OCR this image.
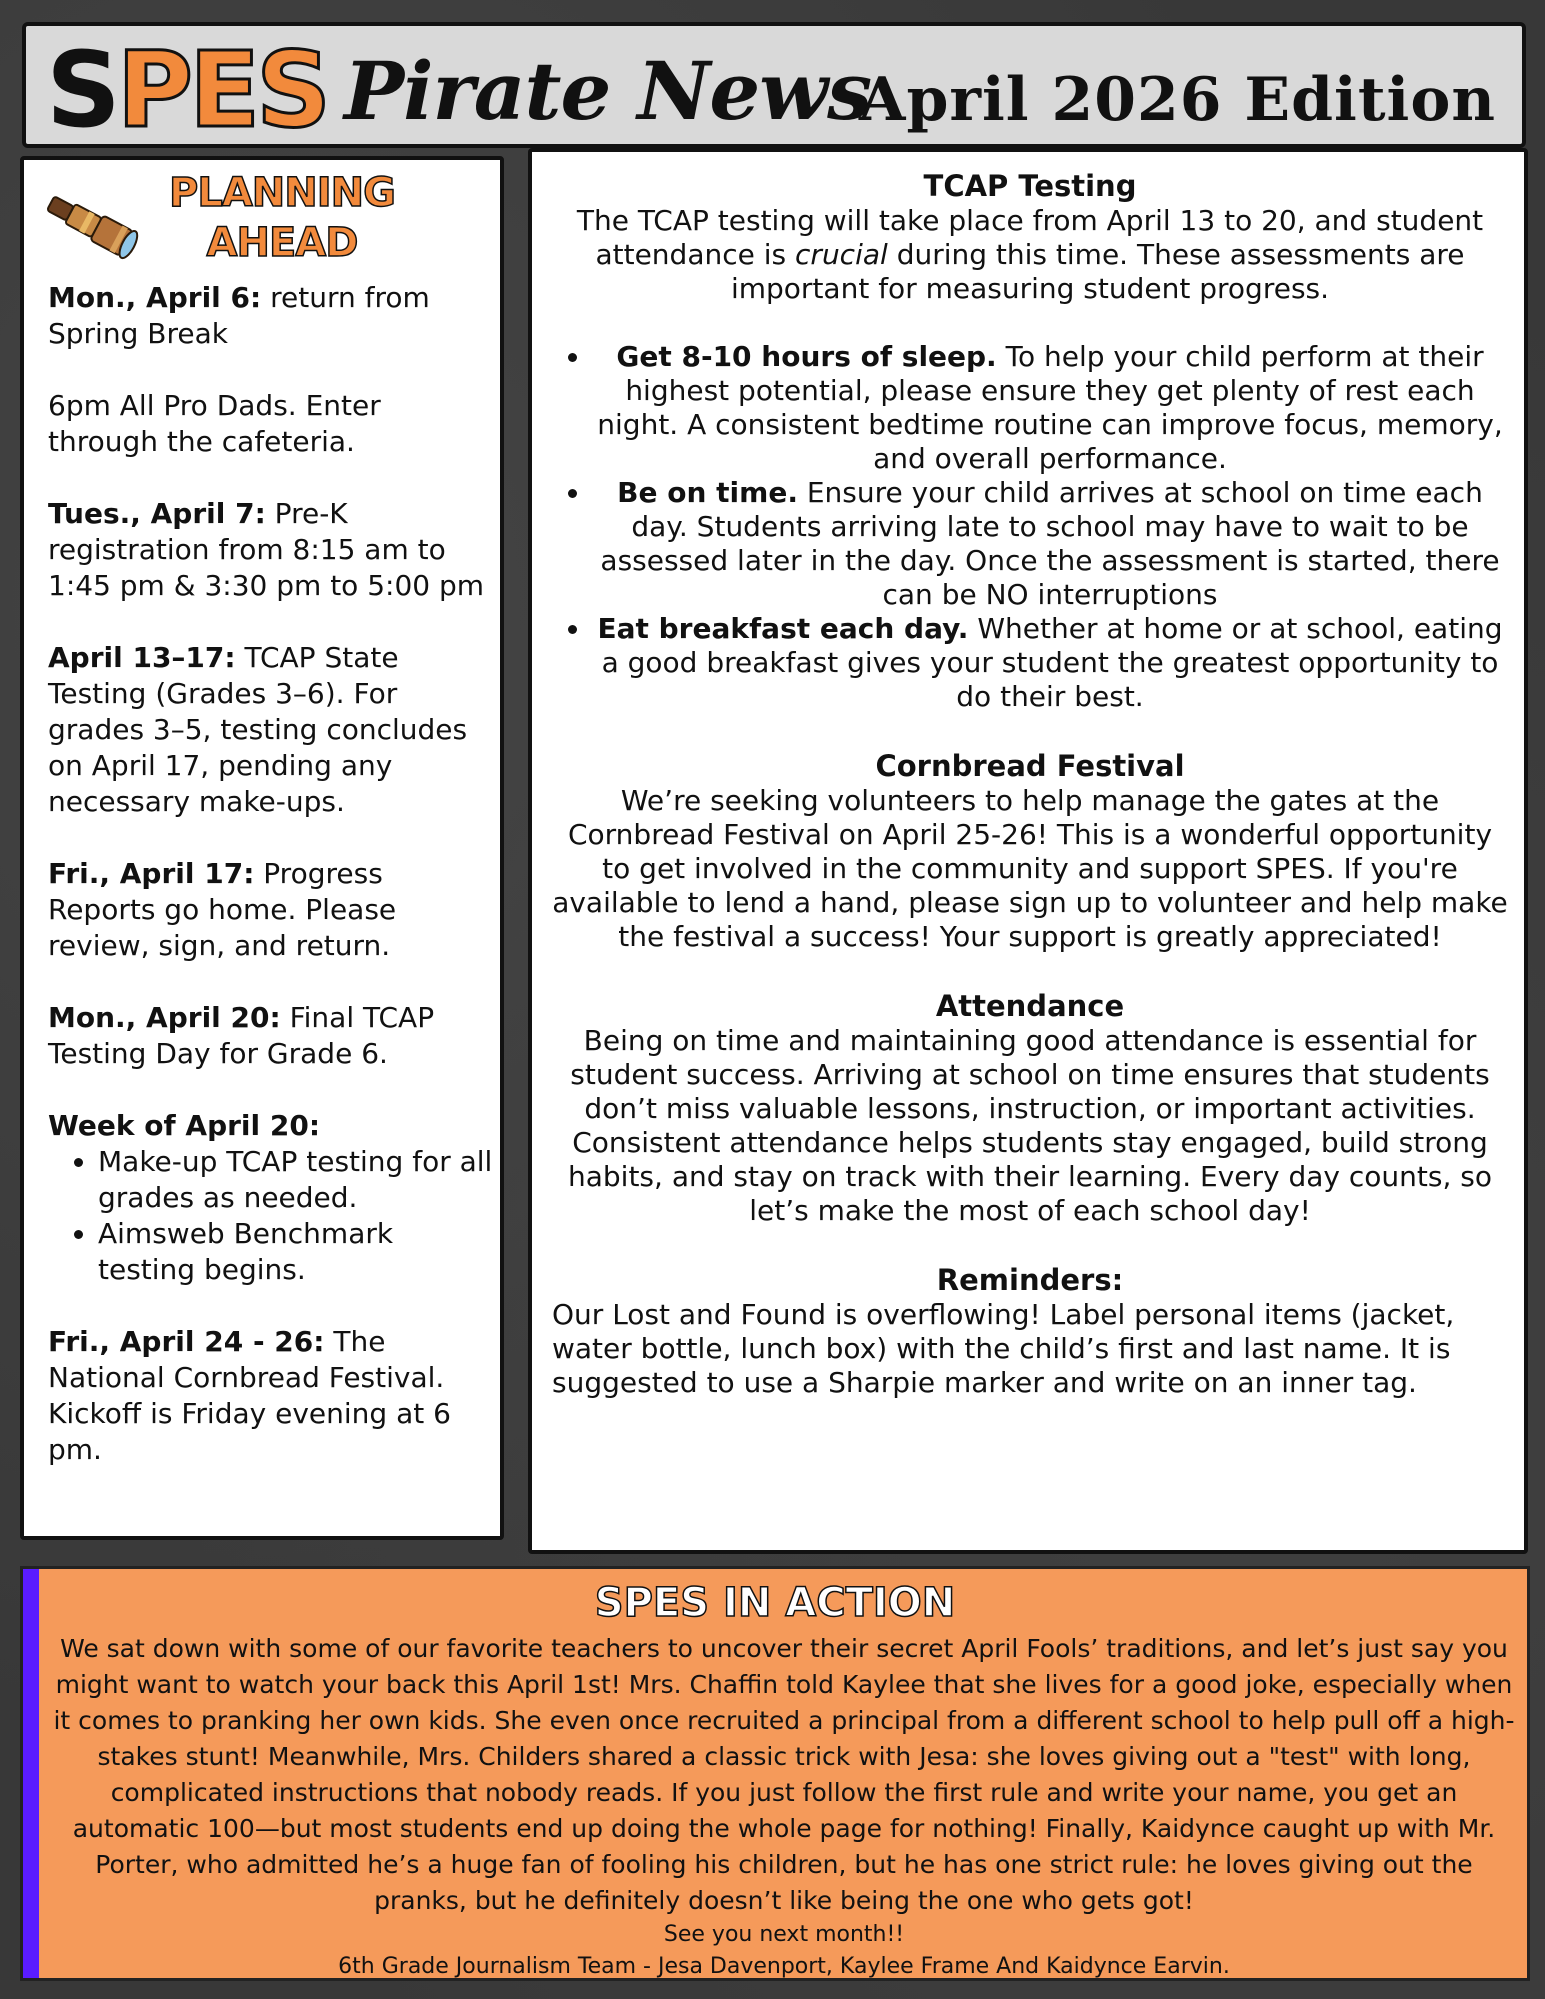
SPES Pirate News
April 2026 Edition
PLANNING
AHEAD
Mon., April 6: return from Spring Break
6pm All Pro Dads. Enter through the cafeteria.
Tues., April 7: Pre-K registration from 8:15 am to 1:45 pm & 3:30 pm to 5:00 pm
April 13–17: TCAP State Testing (Grades 3–6). For grades 3–5, testing concludes on April 17, pending any necessary make-ups.
Fri., April 17: Progress Reports go home. Please review, sign, and return.
Mon., April 20: Final TCAP Testing Day for Grade 6.
Week of April 20:
• Make-up TCAP testing for all grades as needed.
• Aimsweb Benchmark testing begins.
Fri., April 24 - 26: The National Cornbread Festival. Kickoff is Friday evening at 6 pm.
TCAP Testing

The TCAP testing will take place from April 13 to 20, and student attendance is crucial during this time. These assessments are important for measuring student progress.

• Get 8-10 hours of sleep. To help your child perform at their highest potential, please ensure they get plenty of rest each night. A consistent bedtime routine can improve focus, memory, and overall performance.
• Be on time. Ensure your child arrives at school on time each day. Students arriving late to school may have to wait to be assessed later in the day. Once the assessment is started, there can be NO interruptions
• Eat breakfast each day. Whether at home or at school, eating a good breakfast gives your student the greatest opportunity to do their best.
Cornbread Festival

We’re seeking volunteers to help manage the gates at the Cornbread Festival on April 25-26! This is a wonderful opportunity to get involved in the community and support SPES. If you're available to lend a hand, please sign up to volunteer and help make the festival a success! Your support is greatly appreciated!

Attendance

Being on time and maintaining good attendance is essential for student success. Arriving at school on time ensures that students don’t miss valuable lessons, instruction, or important activities. Consistent attendance helps students stay engaged, build strong habits, and stay on track with their learning. Every day counts, so let’s make the most of each school day!

Reminders:

Our Lost and Found is overflowing! Label personal items (jacket, water bottle, lunch box) with the child’s first and last name. It is suggested to use a Sharpie marker and write on an inner tag.

SPES IN ACTION
We sat down with some of our favorite teachers to uncover their secret April Fools’ traditions, and let’s just say you might want to watch your back this April 1st! Mrs. Chaffin told Kaylee that she lives for a good joke, especially when it comes to pranking her own kids. She even once recruited a principal from a different school to help pull off a high-stakes stunt! Meanwhile, Mrs. Childers shared a classic trick with Jesa: she loves giving out a "test" with long, complicated instructions that nobody reads. If you just follow the first rule and write your name, you get an automatic 100—but most students end up doing the whole page for nothing! Finally, Kaidynce caught up with Mr. Porter, who admitted he’s a huge fan of fooling his children, but he has one strict rule: he loves giving out the pranks, but he definitely doesn’t like being the one who gets got!
See you next month!!
6th Grade Journalism Team - Jesa Davenport, Kaylee Frame And Kaidynce Earvin.
